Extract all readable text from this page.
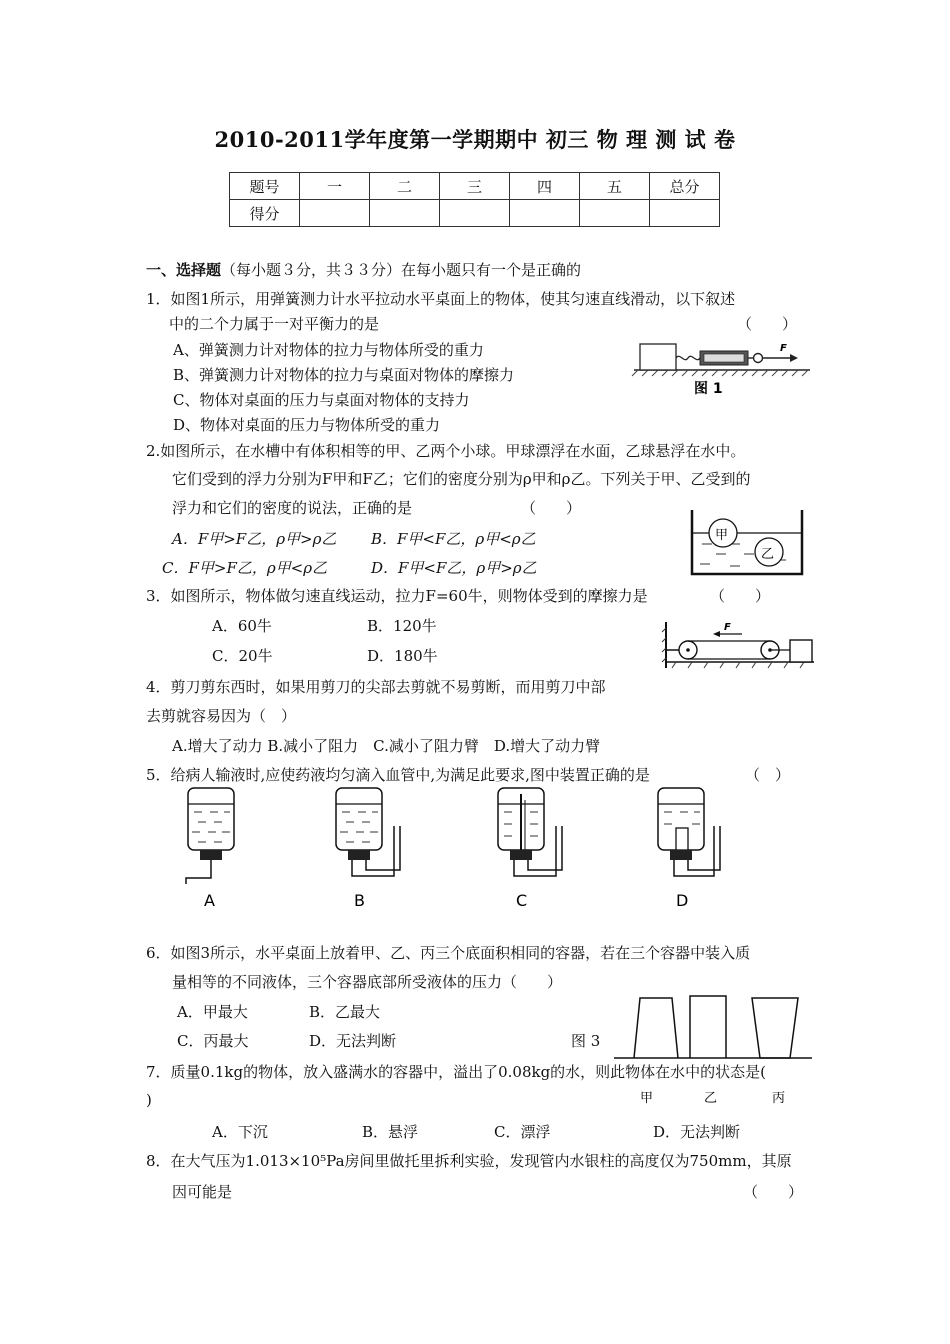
2010-2011学年度第一学期期中 初三 物 理 测 试 卷
题号	一	二	三	四	五	总分
得分						
一、选择题（每小题３分，共３３分）在每小题只有一个是正确的
1．如图1所示，用弹簧测力计水平拉动水平桌面上的物体，使其匀速直线滑动，以下叙述
中的二个力属于一对平衡力的是	（　　）
A、弹簧测力计对物体的拉力与物体所受的重力
B、弹簧测力计对物体的拉力与桌面对物体的摩擦力
C、物体对桌面的压力与桌面对物体的支持力
D、物体对桌面的压力与物体所受的重力
F
图 1
2.如图所示，在水槽中有体积相等的甲、乙两个小球。甲球漂浮在水面，乙球悬浮在水中。
它们受到的浮力分别为F甲和F乙；它们的密度分别为ρ甲和ρ乙。下列关于甲、乙受到的
浮力和它们的密度的说法，正确的是	（　　）
A．F甲>F乙，ρ甲>ρ乙 B．F甲<F乙，ρ甲<ρ乙
C．F甲>F乙，ρ甲<ρ乙	D．F甲<F乙，ρ甲>ρ乙
甲
乙
3．如图所示，物体做匀速直线运动，拉力F=60牛，则物体受到的摩擦力是	（　　）
A．60牛	B．120牛
C．20牛	D．180牛
F
4．剪刀剪东西时，如果用剪刀的尖部去剪就不易剪断，而用剪刀中部
去剪就容易因为（　）
A.增大了动力 B.减小了阻力　C.减小了阻力臂　D.增大了动力臂
5．给病人输液时,应使药液均匀滴入血管中,为满足此要求,图中装置正确的是	（　）
A	B	C	D
6．如图3所示，水平桌面上放着甲、乙、丙三个底面积相同的容器，若在三个容器中装入质
量相等的不同液体，三个容器底部所受液体的压力（　　）
A．甲最大	B．乙最大
C．丙最大	D．无法判断	图 3
甲	乙	丙
7．质量0.1kg的物体，放入盛满水的容器中，溢出了0.08kg的水，则此物体在水中的状态是(
)
A．下沉	B．悬浮	C．漂浮	D．无法判断
8．在大气压为1.013×10⁵Pa房间里做托里拆利实验，发现管内水银柱的高度仅为750mm，其原
因可能是	（　　）
